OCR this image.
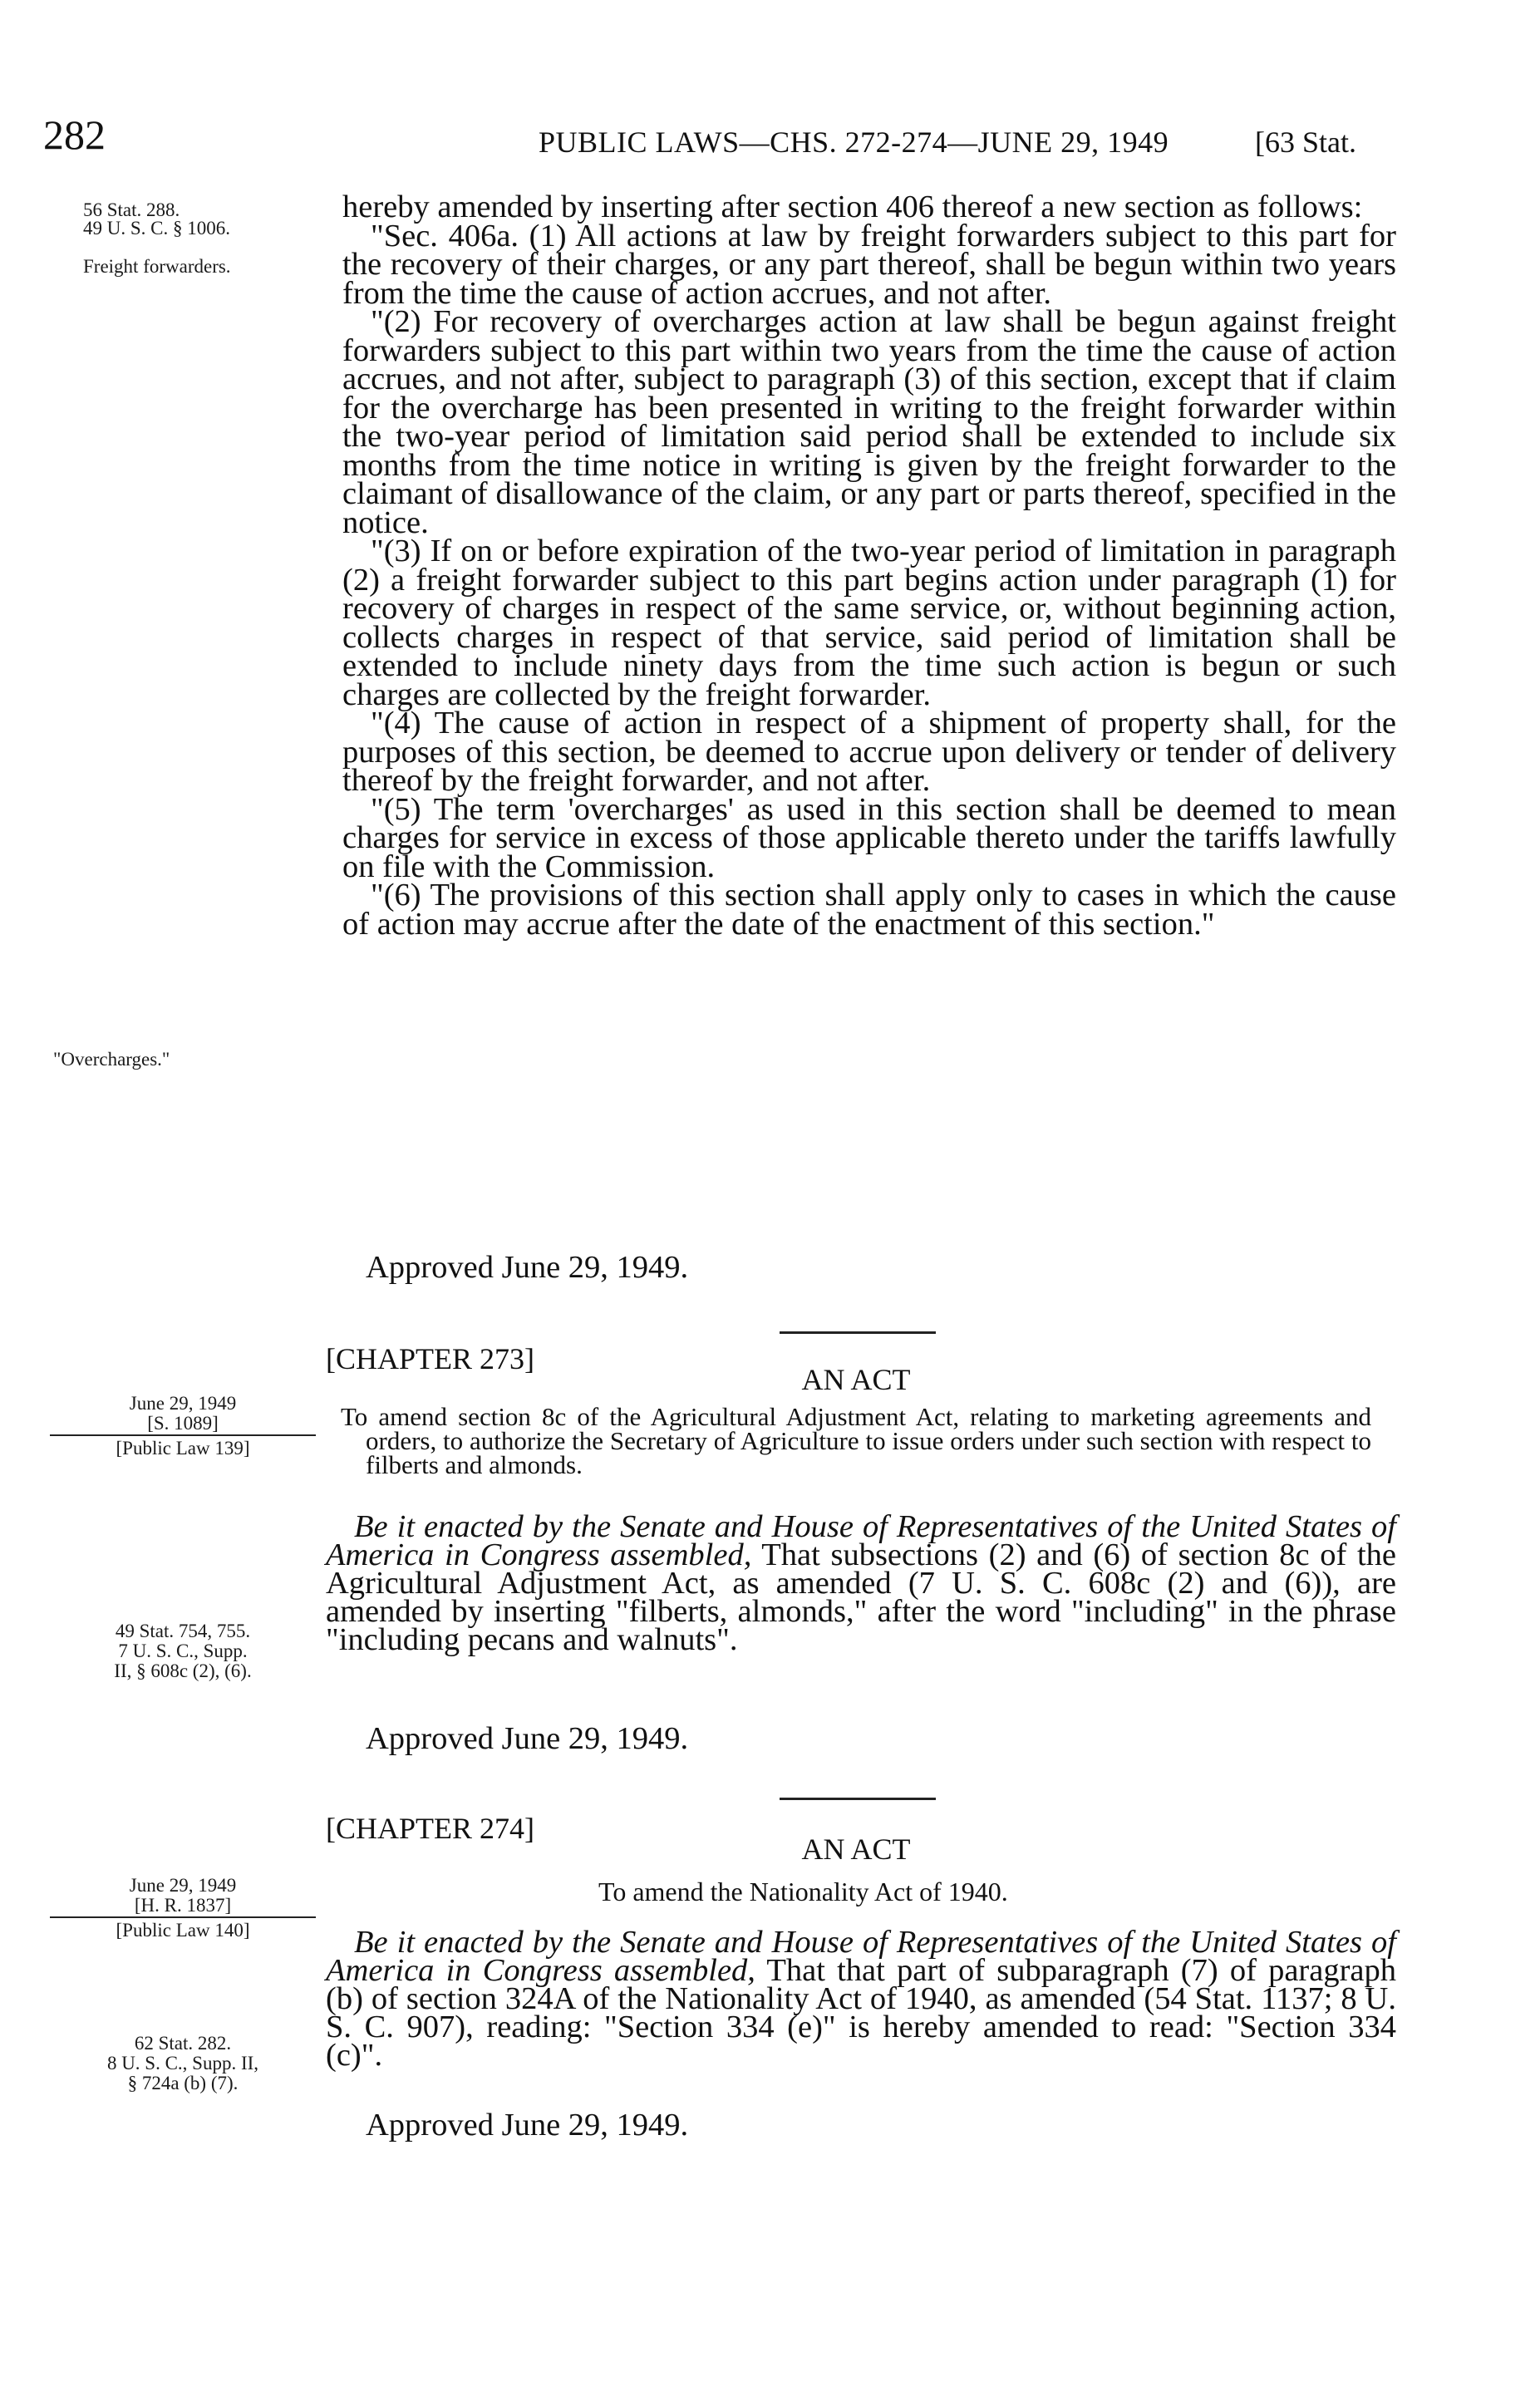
282	PUBLIC LAWS—CHS. 272-274—JUNE 29, 1949	[63 Stat.
56 Stat. 288.
49 U. S. C. § 1006.
Freight forwarders.
"Overcharges."
June 29, 1949
[S. 1089]
[Public Law 139]
49 Stat. 754, 755.
7 U. S. C., Supp.
II, § 608c (2), (6).
June 29, 1949
[H. R. 1837]
[Public Law 140]
62 Stat. 282.
8 U. S. C., Supp. II,
§ 724a (b) (7).

hereby amended by inserting after section 406 thereof a new section as follows:

"Sec. 406a. (1) All actions at law by freight forwarders subject to this part for the recovery of their charges, or any part thereof, shall be begun within two years from the time the cause of action accrues, and not after.

"(2) For recovery of overcharges action at law shall be begun against freight forwarders subject to this part within two years from the time the cause of action accrues, and not after, subject to paragraph (3) of this section, except that if claim for the overcharge has been presented in writing to the freight forwarder within the two-year period of limitation said period shall be extended to include six months from the time notice in writing is given by the freight forwarder to the claimant of disallowance of the claim, or any part or parts thereof, specified in the notice.

"(3) If on or before expiration of the two-year period of limitation in paragraph (2) a freight forwarder subject to this part begins action under paragraph (1) for recovery of charges in respect of the same service, or, without beginning action, collects charges in respect of that service, said period of limitation shall be extended to include ninety days from the time such action is begun or such charges are collected by the freight forwarder.

"(4) The cause of action in respect of a shipment of property shall, for the purposes of this section, be deemed to accrue upon delivery or tender of delivery thereof by the freight forwarder, and not after.

"(5) The term 'overcharges' as used in this section shall be deemed to mean charges for service in excess of those applicable thereto under the tariffs lawfully on file with the Commission.

"(6) The provisions of this section shall apply only to cases in which the cause of action may accrue after the date of the enactment of this section."

Approved June 29, 1949.
[CHAPTER 273]
AN ACT
To amend section 8c of the Agricultural Adjustment Act, relating to marketing agreements and orders, to authorize the Secretary of Agriculture to issue orders under such section with respect to filberts and almonds.

Be it enacted by the Senate and House of Representatives of the United States of America in Congress assembled, That subsections (2) and (6) of section 8c of the Agricultural Adjustment Act, as amended (7 U. S. C. 608c (2) and (6)), are amended by inserting "filberts, almonds," after the word "including" in the phrase "including pecans and walnuts".

Approved June 29, 1949.
[CHAPTER 274]
AN ACT
To amend the Nationality Act of 1940.

Be it enacted by the Senate and House of Representatives of the United States of America in Congress assembled, That that part of subparagraph (7) of paragraph (b) of section 324A of the Nationality Act of 1940, as amended (54 Stat. 1137; 8 U. S. C. 907), reading: "Section 334 (e)" is hereby amended to read: "Section 334 (c)".

Approved June 29, 1949.
